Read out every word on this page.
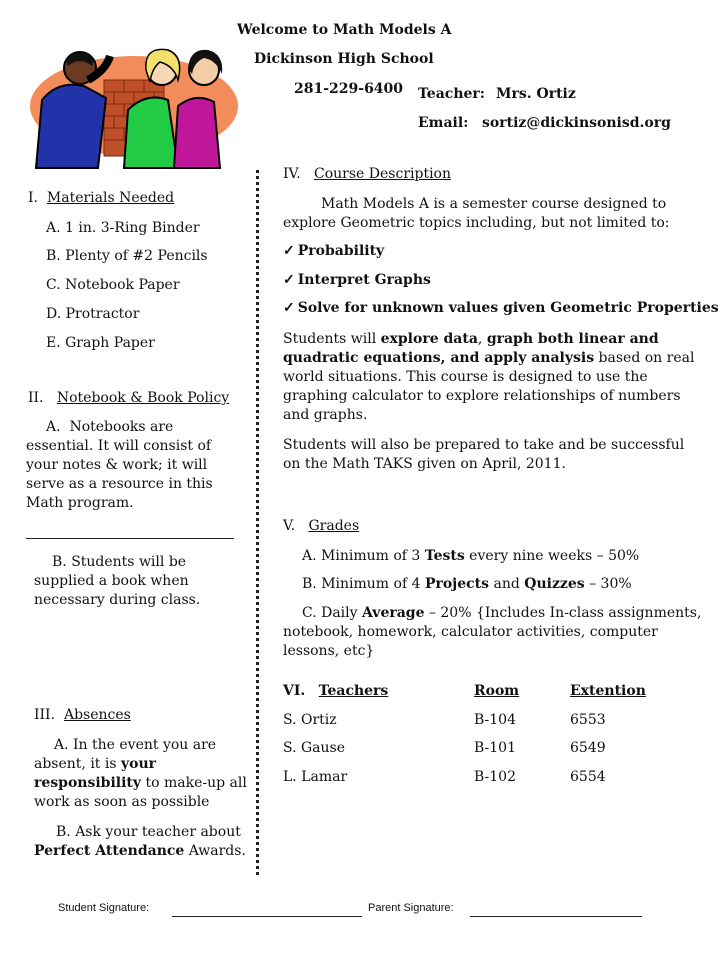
Welcome to Math Models A
Dickinson High School
281-229-6400 Teacher: Mrs. Ortiz
Email: sortiz@dickinsonisd.org
I. Materials Needed
A. 1 in. 3-Ring Binder
B. Plenty of #2 Pencils
C. Notebook Paper
D. Protractor
E. Graph Paper
II. Notebook & Book Policy
A. Notebooks are essential. It will consist of your notes & work; it will serve as a resource in this Math program.
B. Students will be supplied a book when necessary during class.
III. Absences
A. In the event you are absent, it is your responsibility to make-up all work as soon as possible
B. Ask your teacher about Perfect Attendance Awards.
IV. Course Description
Math Models A is a semester course designed to explore Geometric topics including, but not limited to:
✓ Probability
✓ Interpret Graphs
✓ Solve for unknown values given Geometric Properties
Students will explore data, graph both linear and quadratic equations, and apply analysis based on real world situations. This course is designed to use the graphing calculator to explore relationships of numbers and graphs.
Students will also be prepared to take and be successful on the Math TAKS given on April, 2011.
V. Grades
A. Minimum of 3 Tests every nine weeks – 50%
B. Minimum of 4 Projects and Quizzes – 30%
C. Daily Average – 20% {Includes In-class assignments, notebook, homework, calculator activities, computer lessons, etc}
VI. Teachers	Room	Extention
S. Ortiz	B-104	6553
S. Gause	B-101	6549
L. Lamar	B-102	6554
Student Signature:	Parent Signature:
